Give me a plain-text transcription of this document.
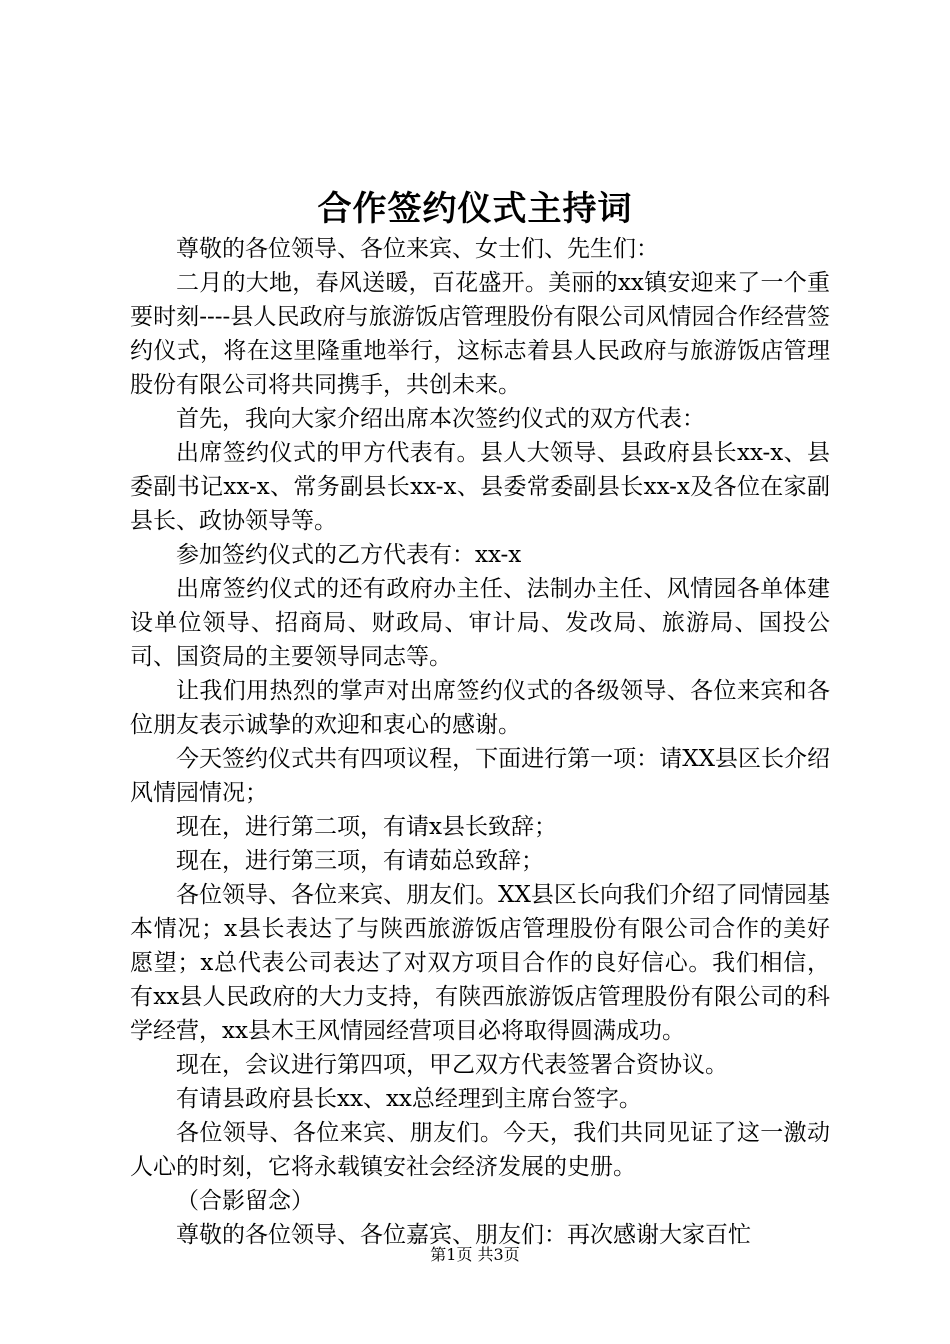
合作签约仪式主持词

尊敬的各位领导、各位来宾、女士们、先生们：

二月的大地，春风送暖，百花盛开。美丽的xx镇安迎来了一个重要时刻----县人民政府与旅游饭店管理股份有限公司风情园合作经营签约仪式，将在这里隆重地举行，这标志着县人民政府与旅游饭店管理股份有限公司将共同携手，共创未来。

首先，我向大家介绍出席本次签约仪式的双方代表：

出席签约仪式的甲方代表有。县人大领导、县政府县长xx-x、县委副书记xx-x、常务副县长xx-x、县委常委副县长xx-x及各位在家副县长、政协领导等。

参加签约仪式的乙方代表有：xx-x

出席签约仪式的还有政府办主任、法制办主任、风情园各单体建设单位领导、招商局、财政局、审计局、发改局、旅游局、国投公司、国资局的主要领导同志等。

让我们用热烈的掌声对出席签约仪式的各级领导、各位来宾和各位朋友表示诚挚的欢迎和衷心的感谢。

今天签约仪式共有四项议程，下面进行第一项：请XX县区长介绍风情园情况；

现在，进行第二项，有请x县长致辞；

现在，进行第三项，有请茹总致辞；

各位领导、各位来宾、朋友们。XX县区长向我们介绍了同情园基本情况；x县长表达了与陕西旅游饭店管理股份有限公司合作的美好愿望；x总代表公司表达了对双方项目合作的良好信心。我们相信，有xx县人民政府的大力支持，有陕西旅游饭店管理股份有限公司的科学经营，xx县木王风情园经营项目必将取得圆满成功。

现在，会议进行第四项，甲乙双方代表签署合资协议。

有请县政府县长xx、xx总经理到主席台签字。

各位领导、各位来宾、朋友们。今天，我们共同见证了这一激动人心的时刻，它将永载镇安社会经济发展的史册。

（合影留念）

尊敬的各位领导、各位嘉宾、朋友们：再次感谢大家百忙

第1页 共3页
